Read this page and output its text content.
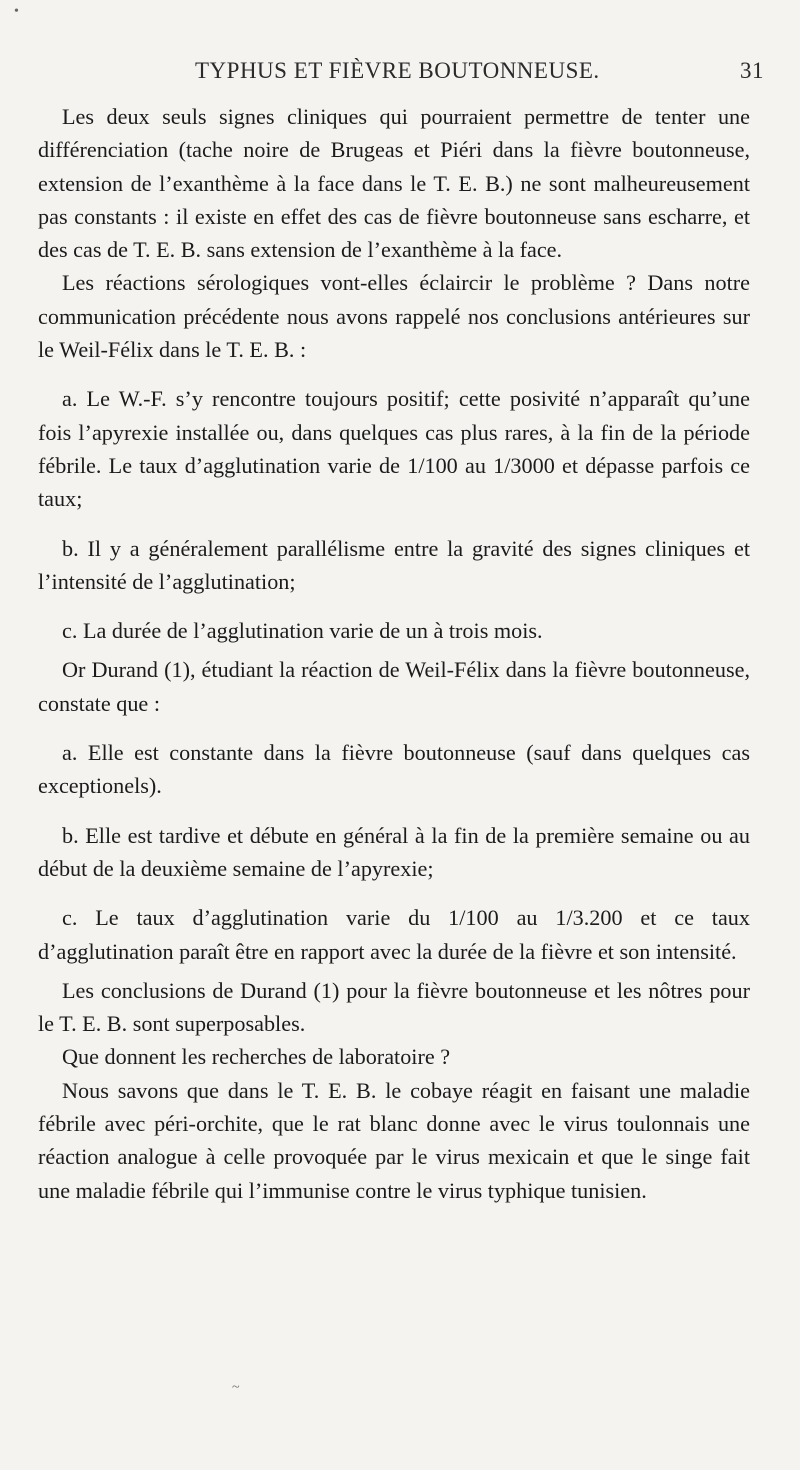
•
~
TYPHUS ET FIÈVRE BOUTONNEUSE.	31

Les deux seuls signes cliniques qui pourraient permettre de tenter une différenciation (tache noire de Brugeas et Piéri dans la fièvre boutonneuse, extension de l’exanthème à la face dans le T. E. B.) ne sont malheureusement pas constants : il existe en effet des cas de fièvre boutonneuse sans escharre, et des cas de T. E. B. sans extension de l’exanthème à la face.

Les réactions sérologiques vont-elles éclaircir le problème ? Dans notre communication précédente nous avons rappelé nos conclusions antérieures sur le Weil-Félix dans le T. E. B. :

a. Le W.-F. s’y rencontre toujours positif; cette posivité n’apparaît qu’une fois l’apyrexie installée ou, dans quelques cas plus rares, à la fin de la période fébrile. Le taux d’agglutination varie de 1/100 au 1/3000 et dépasse parfois ce taux;

b. Il y a généralement parallélisme entre la gravité des signes cliniques et l’intensité de l’agglutination;

c. La durée de l’agglutination varie de un à trois mois.

Or Durand (1), étudiant la réaction de Weil-Félix dans la fièvre boutonneuse, constate que :

a. Elle est constante dans la fièvre boutonneuse (sauf dans quelques cas exceptionels).

b. Elle est tardive et débute en général à la fin de la première semaine ou au début de la deuxième semaine de l’apyrexie;

c. Le taux d’agglutination varie du 1/100 au 1/3.200 et ce taux d’agglutination paraît être en rapport avec la durée de la fièvre et son intensité.

Les conclusions de Durand (1) pour la fièvre boutonneuse et les nôtres pour le T. E. B. sont superposables.

Que donnent les recherches de laboratoire ?

Nous savons que dans le T. E. B. le cobaye réagit en faisant une maladie fébrile avec péri-orchite, que le rat blanc donne avec le virus toulonnais une réaction analogue à celle provoquée par le virus mexicain et que le singe fait une maladie fébrile qui l’immunise contre le virus typhique tunisien.
